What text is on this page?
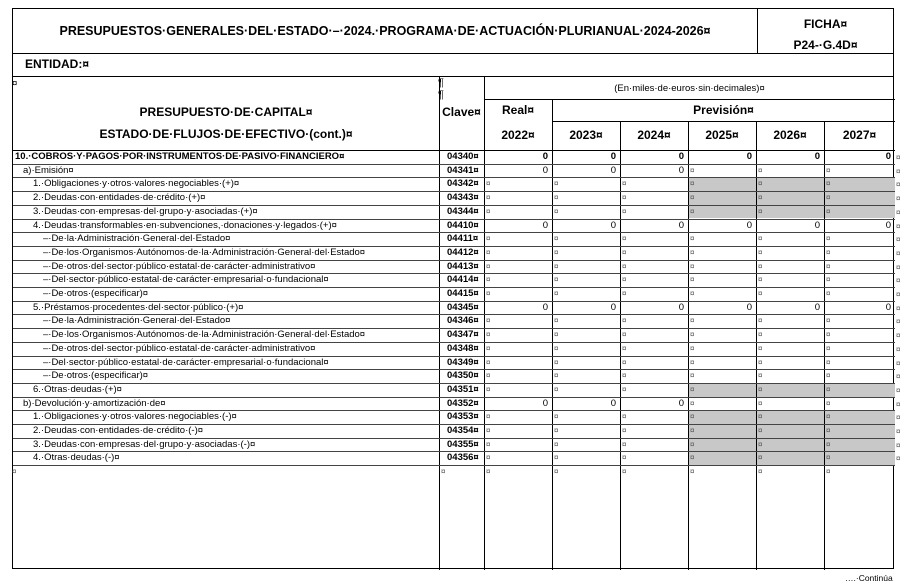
PRESUPUESTOS·GENERALES·DEL·ESTADO·–·2024.·PROGRAMA·DE·ACTUACIÓN·PLURIANUAL·2024-2026¤	FICHA¤
P24-·G.4D¤
ENTIDAD:¤
¤	¶
¶
(En·miles·de·euros·sin·decimales)¤
PRESUPUESTO·DE·CAPITAL¤
ESTADO·DE·FLUJOS·DE·EFECTIVO·(cont.)¤
Clave¤	Real¤	Previsión¤
2022¤	2023¤	2024¤	2025¤	2026¤	2027¤
10.·COBROS·Y·PAGOS·POR·INSTRUMENTOS·DE·PASIVO·FINANCIERO¤	04340¤	0	0	0	0	0	0 ¤
a)·Emisión¤	04341¤	0	0	0 ¤	¤	¤	¤
1.·Obligaciones·y·otros·valores·negociables·(+)¤	04342¤ ¤	¤	¤	¤	¤	¤	¤
2.·Deudas·con·entidades·de·crédito·(+)¤	04343¤ ¤	¤	¤	¤	¤	¤	¤
3.·Deudas·con·empresas·del·grupo·y·asociadas·(+)¤	04344¤ ¤	¤	¤	¤	¤	¤	¤
4.·Deudas·transformables·en·subvenciones,·donaciones·y·legados·(+)¤	04410¤	0	0	0	0	0	0 ¤
–·De·la·Administración·General·del·Estado¤	04411¤ ¤	¤	¤	¤	¤	¤	¤
–·De·los·Organismos·Autónomos·de·la·Administración·General·del·Estado¤	04412¤ ¤	¤	¤	¤	¤	¤	¤
–·De·otros·del·sector·público·estatal·de·carácter·administrativo¤	04413¤ ¤	¤	¤	¤	¤	¤	¤
–·Del·sector·público·estatal·de·carácter·empresarial·o·fundacional¤	04414¤ ¤	¤	¤	¤	¤	¤	¤
–·De·otros·(especificar)¤	04415¤ ¤	¤	¤	¤	¤	¤	¤
5.·Préstamos·procedentes·del·sector·público·(+)¤	04345¤	0	0	0	0	0	0 ¤
–·De·la·Administración·General·del·Estado¤	04346¤ ¤	¤	¤	¤	¤	¤	¤
–·De·los·Organismos·Autónomos·de·la·Administración·General·del·Estado¤	04347¤ ¤	¤	¤	¤	¤	¤	¤
–·De·otros·del·sector·público·estatal·de·carácter·administrativo¤	04348¤ ¤	¤	¤	¤	¤	¤	¤
–·Del·sector·público·estatal·de·carácter·empresarial·o·fundacional¤	04349¤ ¤	¤	¤	¤	¤	¤	¤
–·De·otros·(especificar)¤	04350¤ ¤	¤	¤	¤	¤	¤	¤
6.·Otras·deudas·(+)¤	04351¤ ¤	¤	¤	¤	¤	¤	¤
b)·Devolución·y·amortización·de¤	04352¤	0	0	0 ¤	¤	¤	¤
1.·Obligaciones·y·otros·valores·negociables·(-)¤	04353¤ ¤	¤	¤	¤	¤	¤	¤
2.·Deudas·con·entidades·de·crédito·(-)¤	04354¤ ¤	¤	¤	¤	¤	¤	¤
3.·Deudas·con·empresas·del·grupo·y·asociadas·(-)¤	04355¤ ¤	¤	¤	¤	¤	¤	¤
4.·Otras·deudas·(-)¤	04356¤ ¤	¤	¤	¤	¤	¤	¤
¤	¤	¤	¤	¤	¤	¤	¤
….·Continúa
